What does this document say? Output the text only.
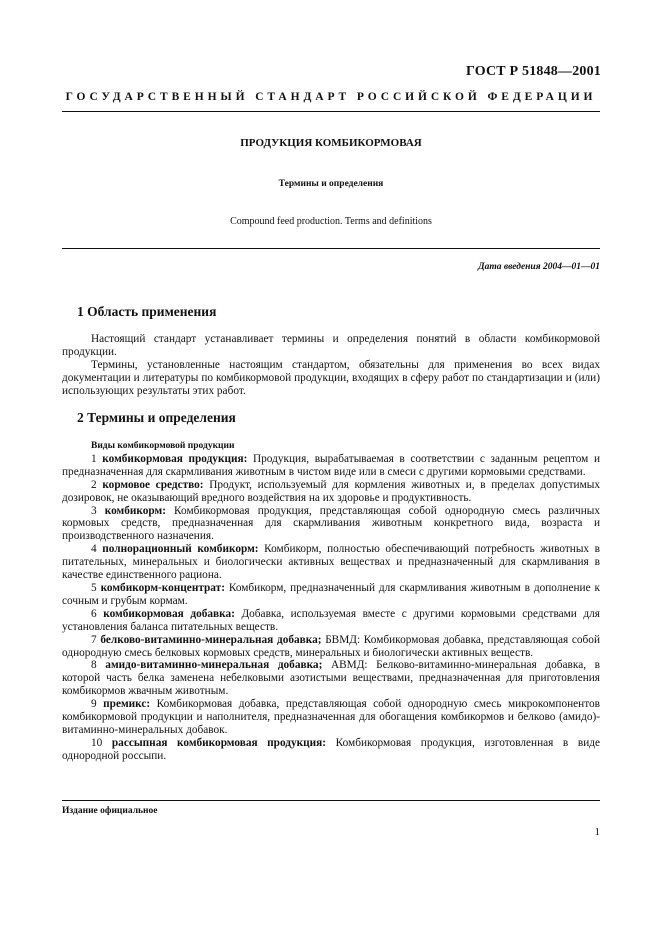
ГОСТ Р 51848—2001
ГОСУДАРСТВЕННЫЙ СТАНДАРТ РОССИЙСКОЙ ФЕДЕРАЦИИ
ПРОДУКЦИЯ КОМБИКОРМОВАЯ
Термины и определения
Compound feed production. Terms and definitions
Дата введения 2004—01—01
1 Область применения

Настоящий стандарт устанавливает термины и определения понятий в области комбикормовой продукции.

Термины, установленные настоящим стандартом, обязательны для применения во всех видах документации и литературы по комбикормовой продукции, входящих в сферу работ по стандартизации и (или) использующих результаты этих работ.

2 Термины и определения

Виды комбикормовой продукции

1 комбикормовая продукция: Продукция, вырабатываемая в соответствии с заданным рецептом и предназначенная для скармливания животным в чистом виде или в смеси с другими кормовыми средствами.

2 кормовое средство: Продукт, используемый для кормления животных и, в пределах допустимых дозировок, не оказывающий вредного воздействия на их здоровье и продуктивность.

3 комбикорм: Комбикормовая продукция, представляющая собой однородную смесь различных кормовых средств, предназначенная для скармливания животным конкретного вида, возраста и производственного назначения.

4 полнорационный комбикорм: Комбикорм, полностью обеспечивающий потребность животных в питательных, минеральных и биологически активных веществах и предназначенный для скармливания в качестве единственного рациона.

5 комбикорм-концентрат: Комбикорм, предназначенный для скармливания животным в дополнение к сочным и грубым кормам.

6 комбикормовая добавка: Добавка, используемая вместе с другими кормовыми средствами для установления баланса питательных веществ.

7 белково-витаминно-минеральная добавка; БВМД: Комбикормовая добавка, представляющая собой однородную смесь белковых кормовых средств, минеральных и биологически активных веществ.

8 амидо-витаминно-минеральная добавка; АВМД: Белково-витаминно-минеральная добавка, в которой часть белка заменена небелковыми азотистыми веществами, предназначенная для приготовления комбикормов жвачным животным.

9 премикс: Комбикормовая добавка, представляющая собой однородную смесь микрокомпонентов комбикормовой продукции и наполнителя, предназначенная для обогащения комбикормов и белково (амидо)-витаминно-минеральных добавок.

10 рассыпная комбикормовая продукция: Комбикормовая продукция, изготовленная в виде однородной россыпи.

Издание официальное
1
